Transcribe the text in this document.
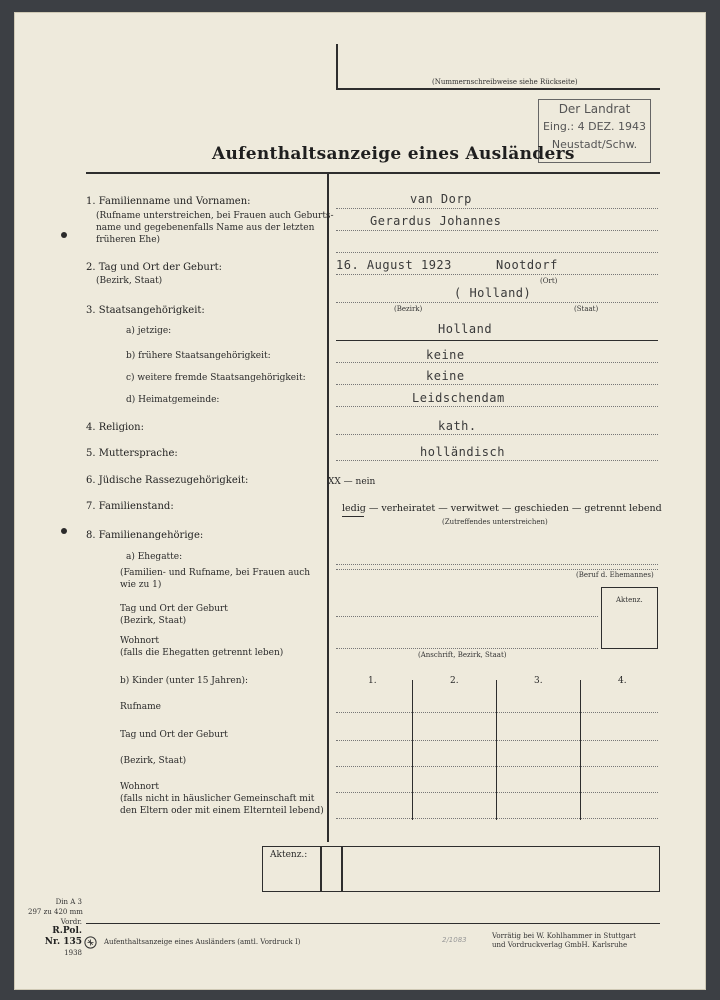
(Nummernschreibweise siehe Rückseite)
Der Landrat
Eing.: 4 DEZ. 1943
Neustadt/Schw.
Aufenthaltsanzeige eines Ausländers
1. Familienname und Vornamen:
(Rufname unterstreichen, bei Frauen auch Geburts-
name und gegebenenfalls Name aus der letzten
früheren Ehe)
van Dorp
Gerardus Johannes
2. Tag und Ort der Geburt:
(Bezirk, Staat)
16. August 1923	Nootdorf
(Ort)
( Holland)
(Bezirk)	(Staat)
3. Staatsangehörigkeit:
a) jetzige:	Holland
b) frühere Staatsangehörigkeit:	keine
c) weitere fremde Staatsangehörigkeit:	keine
d) Heimatgemeinde:	Leidschendam
4. Religion:	kath.
5. Muttersprache:	holländisch
6. Jüdische Rassezugehörigkeit:	XX — nein
7. Familienstand:	ledig — verheiratet — verwitwet — geschieden — getrennt lebend
(Zutreffendes unterstreichen)
8. Familienangehörige:
a) Ehegatte:
(Familien- und Rufname, bei Frauen auch
wie zu 1)
(Beruf d. Ehemannes)
Tag und Ort der Geburt
(Bezirk, Staat)
Aktenz.
Wohnort
(falls die Ehegatten getrennt leben)	(Anschrift, Bezirk, Staat)
b) Kinder (unter 15 Jahren):
Rufname
Tag und Ort der Geburt
(Bezirk, Staat)
Wohnort
(falls nicht in häuslicher Gemeinschaft mit
den Eltern oder mit einem Elternteil lebend)
1.	2.	3.	4.
Aktenz.:
Din A 3
297 zu 420 mm
Vordr.
R.Pol.
Nr. 135
1938
Aufenthaltsanzeige eines Ausländers (amtl. Vordruck I)	2/1083	Vorrätig bei W. Kohlhammer in Stuttgart
und Vordruckverlag GmbH. Karlsruhe
